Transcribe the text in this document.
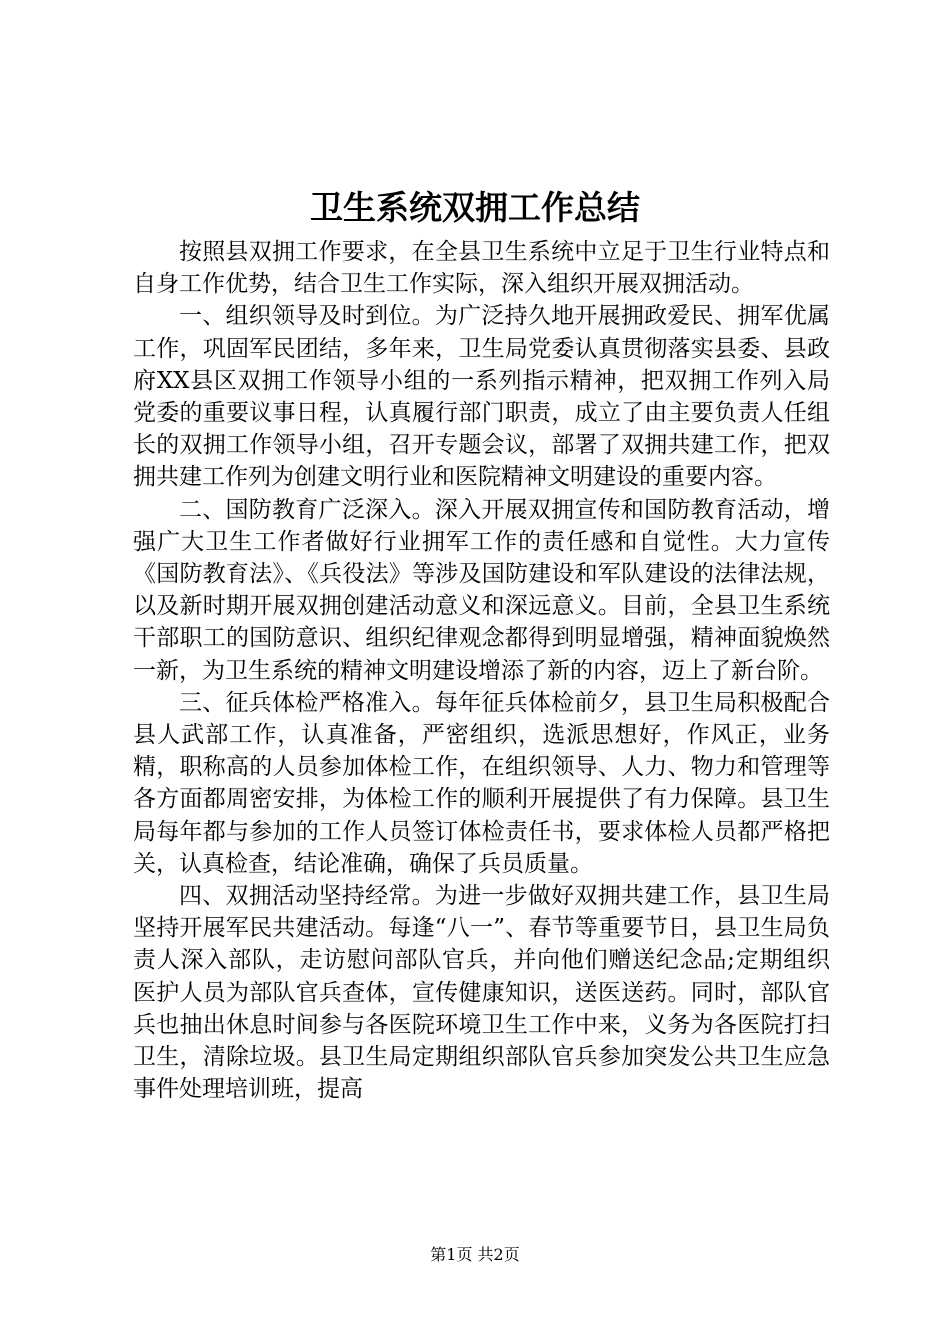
卫生系统双拥工作总结

按照县双拥工作要求，在全县卫生系统中立足于卫生行业特点和自身工作优势，结合卫生工作实际，深入组织开展双拥活动。

一、组织领导及时到位。为广泛持久地开展拥政爱民、拥军优属工作，巩固军民团结，多年来，卫生局党委认真贯彻落实县委、县政府XX县区双拥工作领导小组的一系列指示精神，把双拥工作列入局党委的重要议事日程，认真履行部门职责，成立了由主要负责人任组长的双拥工作领导小组，召开专题会议，部署了双拥共建工作，把双拥共建工作列为创建文明行业和医院精神文明建设的重要内容。

二、国防教育广泛深入。深入开展双拥宣传和国防教育活动，增强广大卫生工作者做好行业拥军工作的责任感和自觉性。大力宣传《国防教育法》、《兵役法》等涉及国防建设和军队建设的法律法规，以及新时期开展双拥创建活动意义和深远意义。目前，全县卫生系统干部职工的国防意识、组织纪律观念都得到明显增强，精神面貌焕然一新，为卫生系统的精神文明建设增添了新的内容，迈上了新台阶。

三、征兵体检严格准入。每年征兵体检前夕，县卫生局积极配合县人武部工作，认真准备，严密组织，选派思想好，作风正，业务精，职称高的人员参加体检工作，在组织领导、人力、物力和管理等各方面都周密安排，为体检工作的顺利开展提供了有力保障。县卫生局每年都与参加的工作人员签订体检责任书，要求体检人员都严格把关，认真检查，结论准确，确保了兵员质量。

四、双拥活动坚持经常。为进一步做好双拥共建工作，县卫生局坚持开展军民共建活动。每逢“八一”、春节等重要节日，县卫生局负责人深入部队，走访慰问部队官兵，并向他们赠送纪念品;定期组织医护人员为部队官兵查体，宣传健康知识，送医送药。同时，部队官兵也抽出休息时间参与各医院环境卫生工作中来，义务为各医院打扫卫生，清除垃圾。县卫生局定期组织部队官兵参加突发公共卫生应急事件处理培训班，提高

第1页 共2页
